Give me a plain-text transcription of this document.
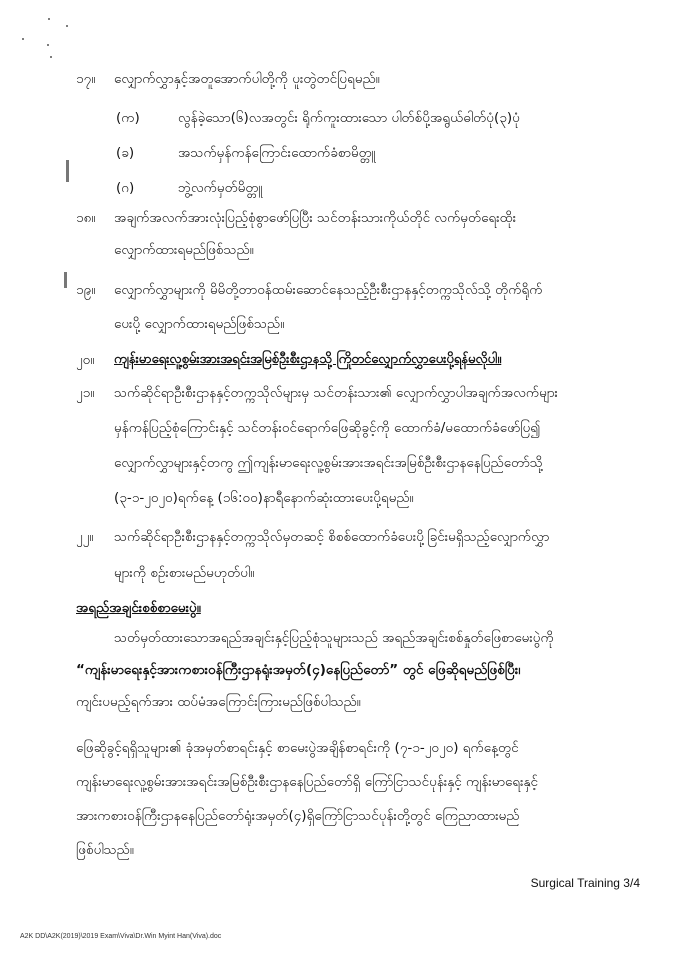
၁၇။ လျှောက်လွှာနှင့်အတူအောက်ပါတို့ကို ပူးတွဲတင်ပြရမည်။
(က)	လွန်ခဲ့သော(၆)လအတွင်း ရိုက်ကူးထားသော ပါတ်စ်ပို့အရွယ်ဓါတ်ပုံ(၃)ပုံ
(ခ)	အသက်မှန်ကန်ကြောင်းထောက်ခံစာမိတ္တူ
(ဂ)	ဘွဲ့လက်မှတ်မိတ္တူ
၁၈။ အချက်အလက်အားလုံးပြည့်စုံစွာဖော်ပြပြီး သင်တန်းသားကိုယ်တိုင် လက်မှတ်ရေးထိုး
လျှောက်ထားရမည်ဖြစ်သည်။
၁၉။ လျှောက်လွှာများကို မိမိတို့တာဝန်ထမ်းဆောင်နေသည့်ဦးစီးဌာနနှင့်တက္ကသိုလ်သို့ တိုက်ရိုက်
ပေးပို့ လျှောက်ထားရမည်ဖြစ်သည်။
၂၀။ ကျန်းမာရေးလူ့စွမ်းအားအရင်းအမြစ်ဦးစီးဌာနသို့ ကြိုတင်လျှောက်လွှာပေးပို့ရန်မလိုပါ။
၂၁။ သက်ဆိုင်ရာဦးစီးဌာနနှင့်တက္ကသိုလ်များမှ သင်တန်းသား၏ လျှောက်လွှာပါအချက်အလက်များ
မှန်ကန်ပြည့်စုံကြောင်းနှင့် သင်တန်းဝင်ရောက်ဖြေဆိုခွင့်ကို ထောက်ခံ/မထောက်ခံဖော်ပြ၍
လျှောက်လွှာများနှင့်တကွ ဤကျန်းမာရေးလူ့စွမ်းအားအရင်းအမြစ်ဦးစီးဌာနနေပြည်တော်သို့
(၃-၁-၂၀၂၀)ရက်နေ့ (၁၆:၀၀)နာရီနောက်ဆုံးထားပေးပို့ရမည်။
၂၂။ သက်ဆိုင်ရာဦးစီးဌာနနှင့်တက္ကသိုလ်မှတဆင့် စိစစ်ထောက်ခံပေးပို့ခြင်းမရှိသည့်လျှောက်လွှာ
များကို စဉ်းစားမည်မဟုတ်ပါ။
အရည်အချင်းစစ်စာမေးပွဲ။
သတ်မှတ်ထားသောအရည်အချင်းနှင့်ပြည့်စုံသူများသည် အရည်အချင်းစစ်နှုတ်ဖြေစာမေးပွဲကို
“ကျန်းမာရေးနှင့်အားကစားဝန်ကြီးဌာနရုံးအမှတ်(၄)နေပြည်တော်” တွင် ဖြေဆိုရမည်ဖြစ်ပြီး၊
ကျင်းပမည့်ရက်အား ထပ်မံအကြောင်းကြားမည်ဖြစ်ပါသည်။
ဖြေဆိုခွင့်ရရှိသူများ၏ ခုံအမှတ်စာရင်းနှင့် စာမေးပွဲအချိန်စာရင်းကို (၇-၁-၂၀၂၀) ရက်နေ့တွင်
ကျန်းမာရေးလူ့စွမ်းအားအရင်းအမြစ်ဦးစီးဌာနနေပြည်တော်ရှိ ကြော်ငြာသင်ပုန်းနှင့် ကျန်းမာရေးနှင့်
အားကစားဝန်ကြီးဌာနနေပြည်တော်ရုံးအမှတ်(၄)ရှိကြော်ငြာသင်ပုန်းတို့တွင် ကြေညာထားမည်
ဖြစ်ပါသည်။
Surgical Training 3/4
A2K DD\A2K(2019)\2019 Exam\Viva\Dr.Win Myint Han(Viva).doc
